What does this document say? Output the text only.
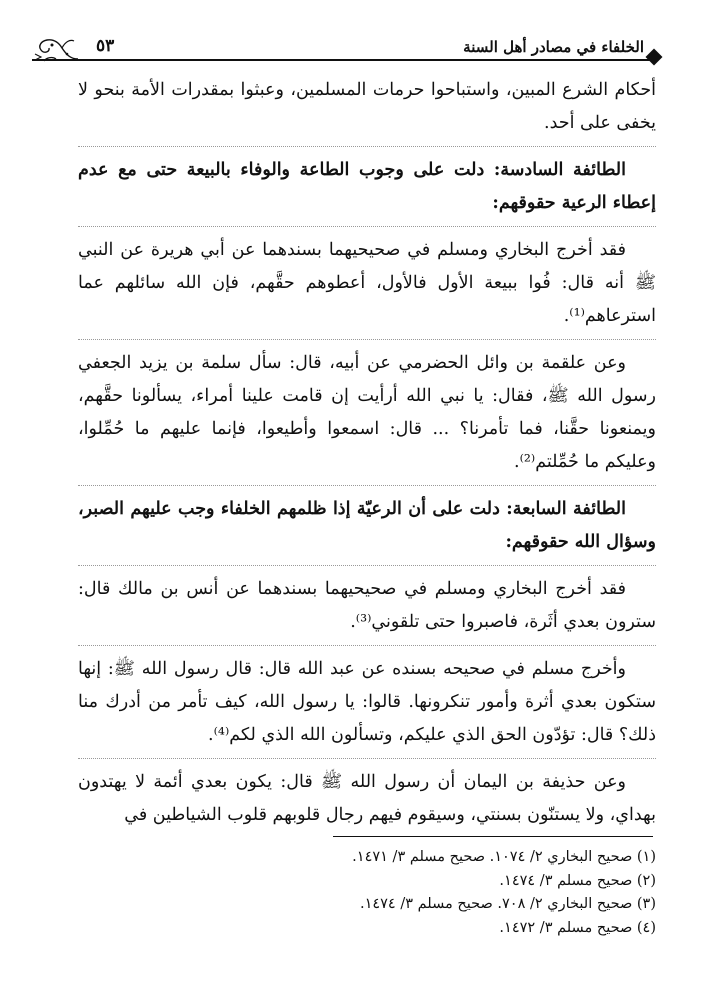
٥٣	الخلفاء في مصادر أهل السنة

أحكام الشرع المبين، واستباحوا حرمات المسلمين، وعبثوا بمقدرات الأمة بنحو لا يخفى على أحد.

الطائفة السادسة: دلت على وجوب الطاعة والوفاء بالبيعة حتى مع عدم إعطاء الرعية حقوقهم:

فقد أخرج البخاري ومسلم في صحيحيهما بسندهما عن أبي هريرة عن النبي ﷺ أنه قال: فُوا ببيعة الأول فالأول، أعطوهم حقَّهم، فإن الله سائلهم عما استرعاهم⁽¹⁾.

وعن علقمة بن وائل الحضرمي عن أبيه، قال: سأل سلمة بن يزيد الجعفي رسول الله ﷺ، فقال: يا نبي الله أرأيت إن قامت علينا أمراء، يسألونا حقَّهم، ويمنعونا حقَّنا، فما تأمرنا؟ ... قال: اسمعوا وأطيعوا، فإنما عليهم ما حُمِّلوا، وعليكم ما حُمِّلتم⁽²⁾.

الطائفة السابعة: دلت على أن الرعيّة إذا ظلمهم الخلفاء وجب عليهم الصبر، وسؤال الله حقوقهم:

فقد أخرج البخاري ومسلم في صحيحيهما بسندهما عن أنس بن مالك قال: سترون بعدي أثَرة، فاصبروا حتى تلقوني⁽³⁾.

وأخرج مسلم في صحيحه بسنده عن عبد الله قال: قال رسول الله ﷺ: إنها ستكون بعدي أثرة وأمور تنكرونها. قالوا: يا رسول الله، كيف تأمر من أدرك منا ذلك؟ قال: تؤدّون الحق الذي عليكم، وتسألون الله الذي لكم⁽⁴⁾.

وعن حذيفة بن اليمان أن رسول الله ﷺ قال: يكون بعدي أئمة لا يهتدون بهداي، ولا يستنّون بسنتي، وسيقوم فيهم رجال قلوبهم قلوب الشياطين في

(١) صحيح البخاري ٢/ ١٠٧٤. صحيح مسلم ٣/ ١٤٧١.

(٢) صحيح مسلم ٣/ ١٤٧٤.

(٣) صحيح البخاري ٢/ ٧٠٨. صحيح مسلم ٣/ ١٤٧٤.

(٤) صحيح مسلم ٣/ ١٤٧٢.
